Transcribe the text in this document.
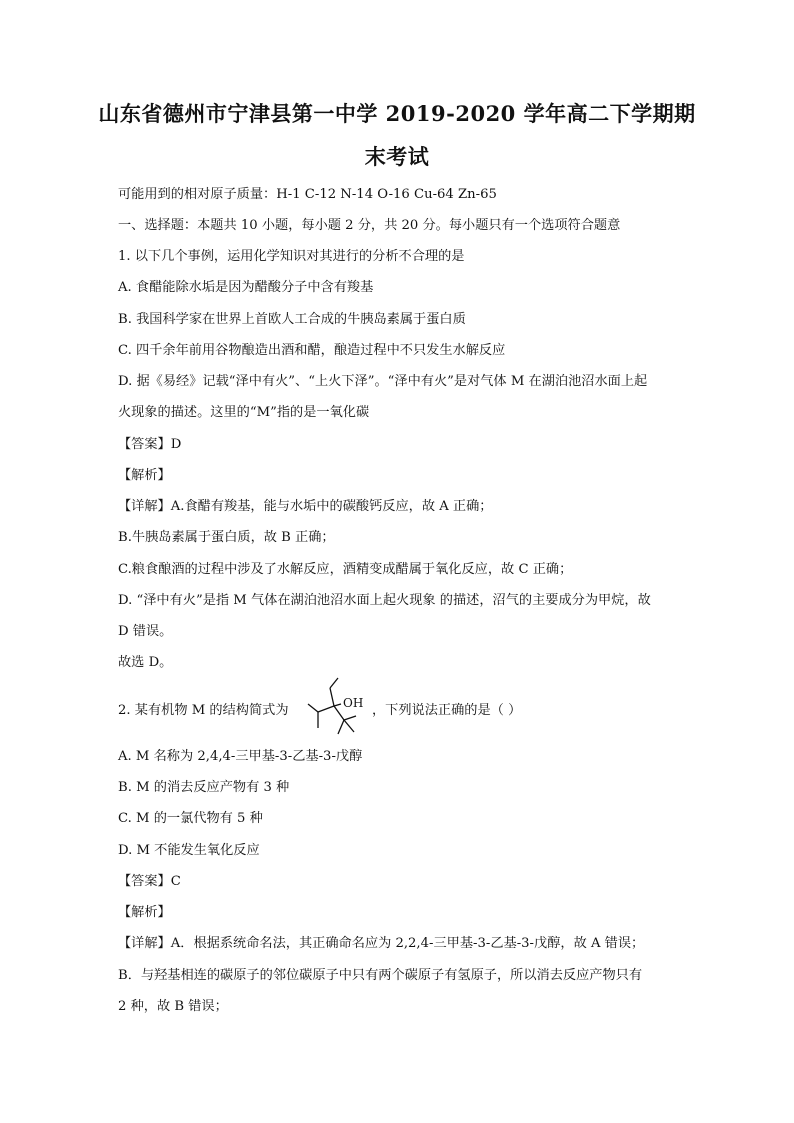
山东省德州市宁津县第一中学 2019-2020 学年高二下学期期
末考试
可能用到的相对原子质量：H-1 C-12 N-14 O-16 Cu-64 Zn-65
一、选择题：本题共 10 小题，每小题 2 分，共 20 分。每小题只有一个选项符合题意
1. 以下几个事例，运用化学知识对其进行的分析不合理的是
A. 食醋能除水垢是因为醋酸分子中含有羧基
B. 我国科学家在世界上首欧人工合成的牛胰岛素属于蛋白质
C. 四千余年前用谷物酿造出酒和醋，酿造过程中不只发生水解反应
D. 据《易经》记载“泽中有火”、“上火下泽”。“泽中有火”是对气体 M 在湖泊池沼水面上起
火现象的描述。这里的“M”指的是一氧化碳
【答案】D
【解析】
【详解】A.食醋有羧基，能与水垢中的碳酸钙反应，故 A 正确；
B.牛胰岛素属于蛋白质，故 B 正确；
C.粮食酿酒的过程中涉及了水解反应，酒精变成醋属于氧化反应，故 C 正确；
D. “泽中有火”是指 M 气体在湖泊池沼水面上起火现象 的描述，沼气的主要成分为甲烷，故
D 错误。
故选 D。
2. 某有机物 M 的结构简式为	OH ，下列说法正确的是（ ）
A. M 名称为 2,4,4-三甲基-3-乙基-3-戊醇
B. M 的消去反应产物有 3 种
C. M 的一氯代物有 5 种
D. M 不能发生氧化反应
【答案】C
【解析】
【详解】A．根据系统命名法，其正确命名应为 2,2,4-三甲基-3-乙基-3-戊醇，故 A 错误；
B．与羟基相连的碳原子的邻位碳原子中只有两个碳原子有氢原子，所以消去反应产物只有
2 种，故 B 错误；
